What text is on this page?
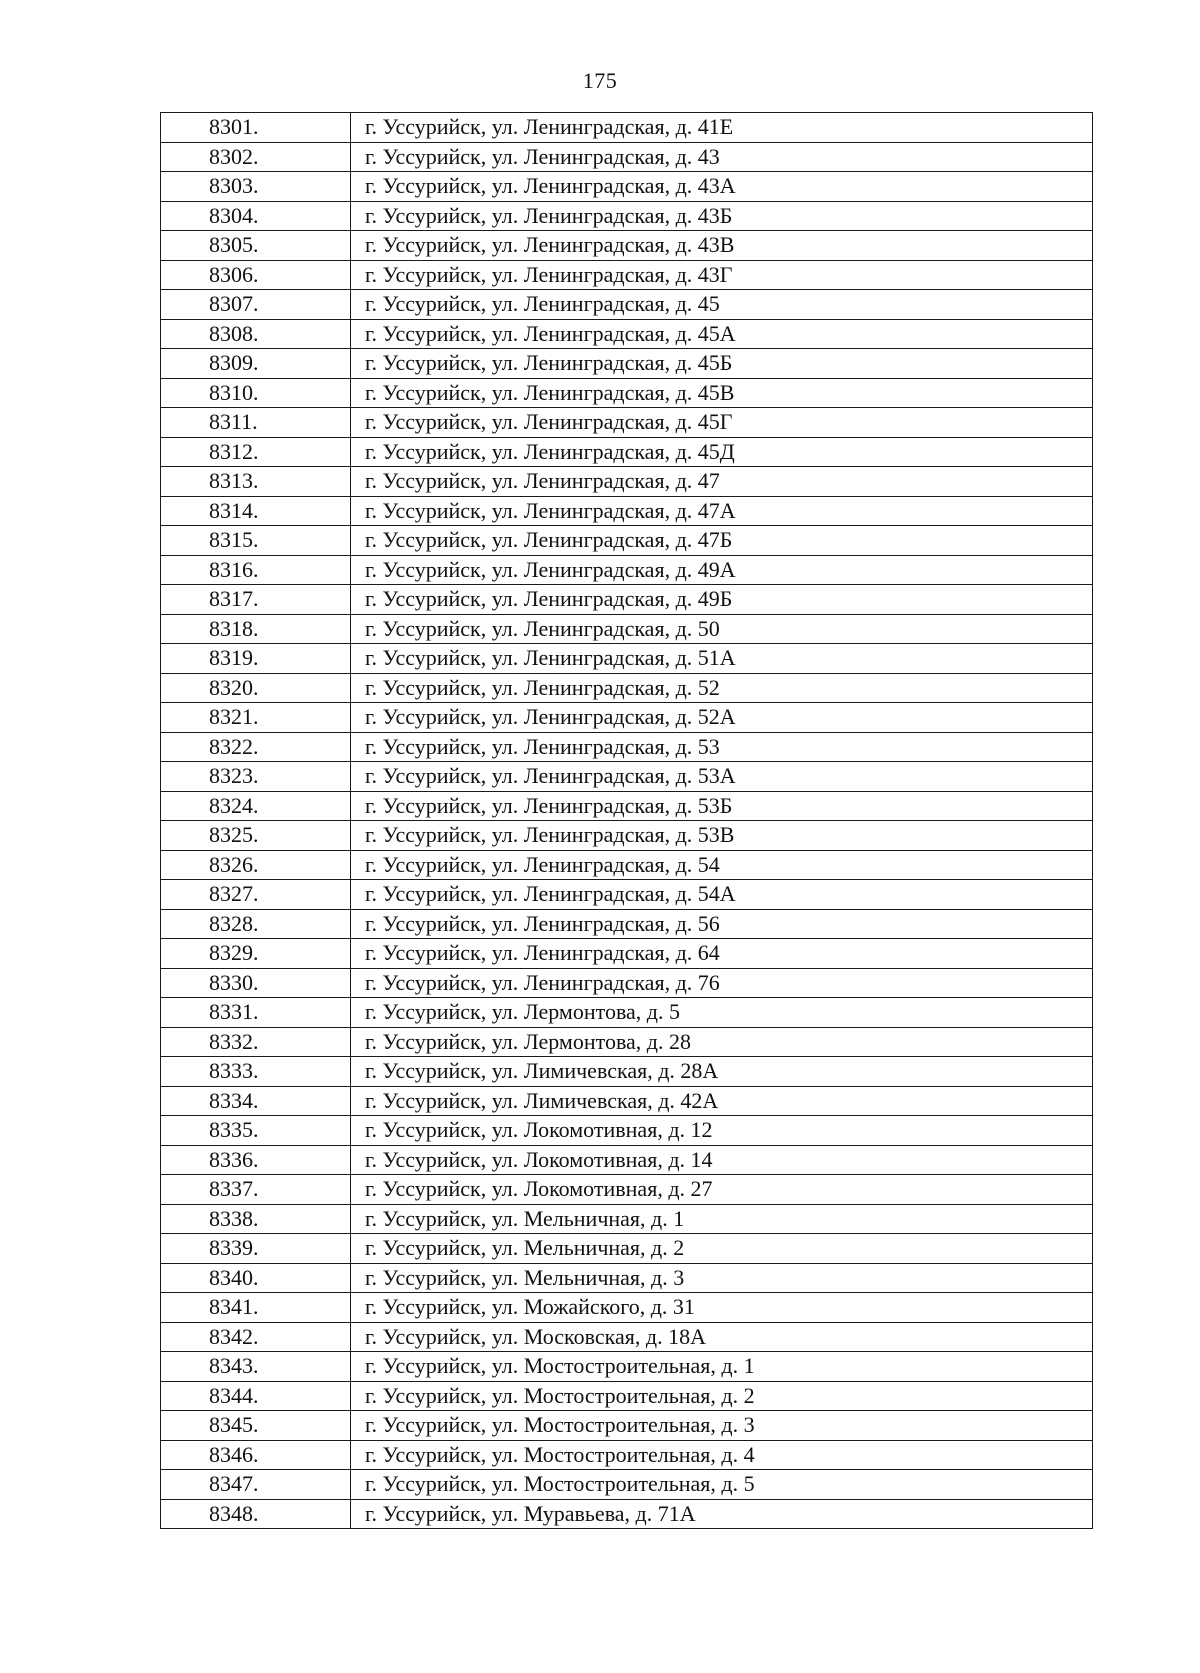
175
8301.	г. Уссурийск, ул. Ленинградская, д. 41Е
8302.	г. Уссурийск, ул. Ленинградская, д. 43
8303.	г. Уссурийск, ул. Ленинградская, д. 43А
8304.	г. Уссурийск, ул. Ленинградская, д. 43Б
8305.	г. Уссурийск, ул. Ленинградская, д. 43В
8306.	г. Уссурийск, ул. Ленинградская, д. 43Г
8307.	г. Уссурийск, ул. Ленинградская, д. 45
8308.	г. Уссурийск, ул. Ленинградская, д. 45А
8309.	г. Уссурийск, ул. Ленинградская, д. 45Б
8310.	г. Уссурийск, ул. Ленинградская, д. 45В
8311.	г. Уссурийск, ул. Ленинградская, д. 45Г
8312.	г. Уссурийск, ул. Ленинградская, д. 45Д
8313.	г. Уссурийск, ул. Ленинградская, д. 47
8314.	г. Уссурийск, ул. Ленинградская, д. 47А
8315.	г. Уссурийск, ул. Ленинградская, д. 47Б
8316.	г. Уссурийск, ул. Ленинградская, д. 49А
8317.	г. Уссурийск, ул. Ленинградская, д. 49Б
8318.	г. Уссурийск, ул. Ленинградская, д. 50
8319.	г. Уссурийск, ул. Ленинградская, д. 51А
8320.	г. Уссурийск, ул. Ленинградская, д. 52
8321.	г. Уссурийск, ул. Ленинградская, д. 52А
8322.	г. Уссурийск, ул. Ленинградская, д. 53
8323.	г. Уссурийск, ул. Ленинградская, д. 53А
8324.	г. Уссурийск, ул. Ленинградская, д. 53Б
8325.	г. Уссурийск, ул. Ленинградская, д. 53В
8326.	г. Уссурийск, ул. Ленинградская, д. 54
8327.	г. Уссурийск, ул. Ленинградская, д. 54А
8328.	г. Уссурийск, ул. Ленинградская, д. 56
8329.	г. Уссурийск, ул. Ленинградская, д. 64
8330.	г. Уссурийск, ул. Ленинградская, д. 76
8331.	г. Уссурийск, ул. Лермонтова, д. 5
8332.	г. Уссурийск, ул. Лермонтова, д. 28
8333.	г. Уссурийск, ул. Лимичевская, д. 28А
8334.	г. Уссурийск, ул. Лимичевская, д. 42А
8335.	г. Уссурийск, ул. Локомотивная, д. 12
8336.	г. Уссурийск, ул. Локомотивная, д. 14
8337.	г. Уссурийск, ул. Локомотивная, д. 27
8338.	г. Уссурийск, ул. Мельничная, д. 1
8339.	г. Уссурийск, ул. Мельничная, д. 2
8340.	г. Уссурийск, ул. Мельничная, д. 3
8341.	г. Уссурийск, ул. Можайского, д. 31
8342.	г. Уссурийск, ул. Московская, д. 18А
8343.	г. Уссурийск, ул. Мостостроительная, д. 1
8344.	г. Уссурийск, ул. Мостостроительная, д. 2
8345.	г. Уссурийск, ул. Мостостроительная, д. 3
8346.	г. Уссурийск, ул. Мостостроительная, д. 4
8347.	г. Уссурийск, ул. Мостостроительная, д. 5
8348.	г. Уссурийск, ул. Муравьева, д. 71А
